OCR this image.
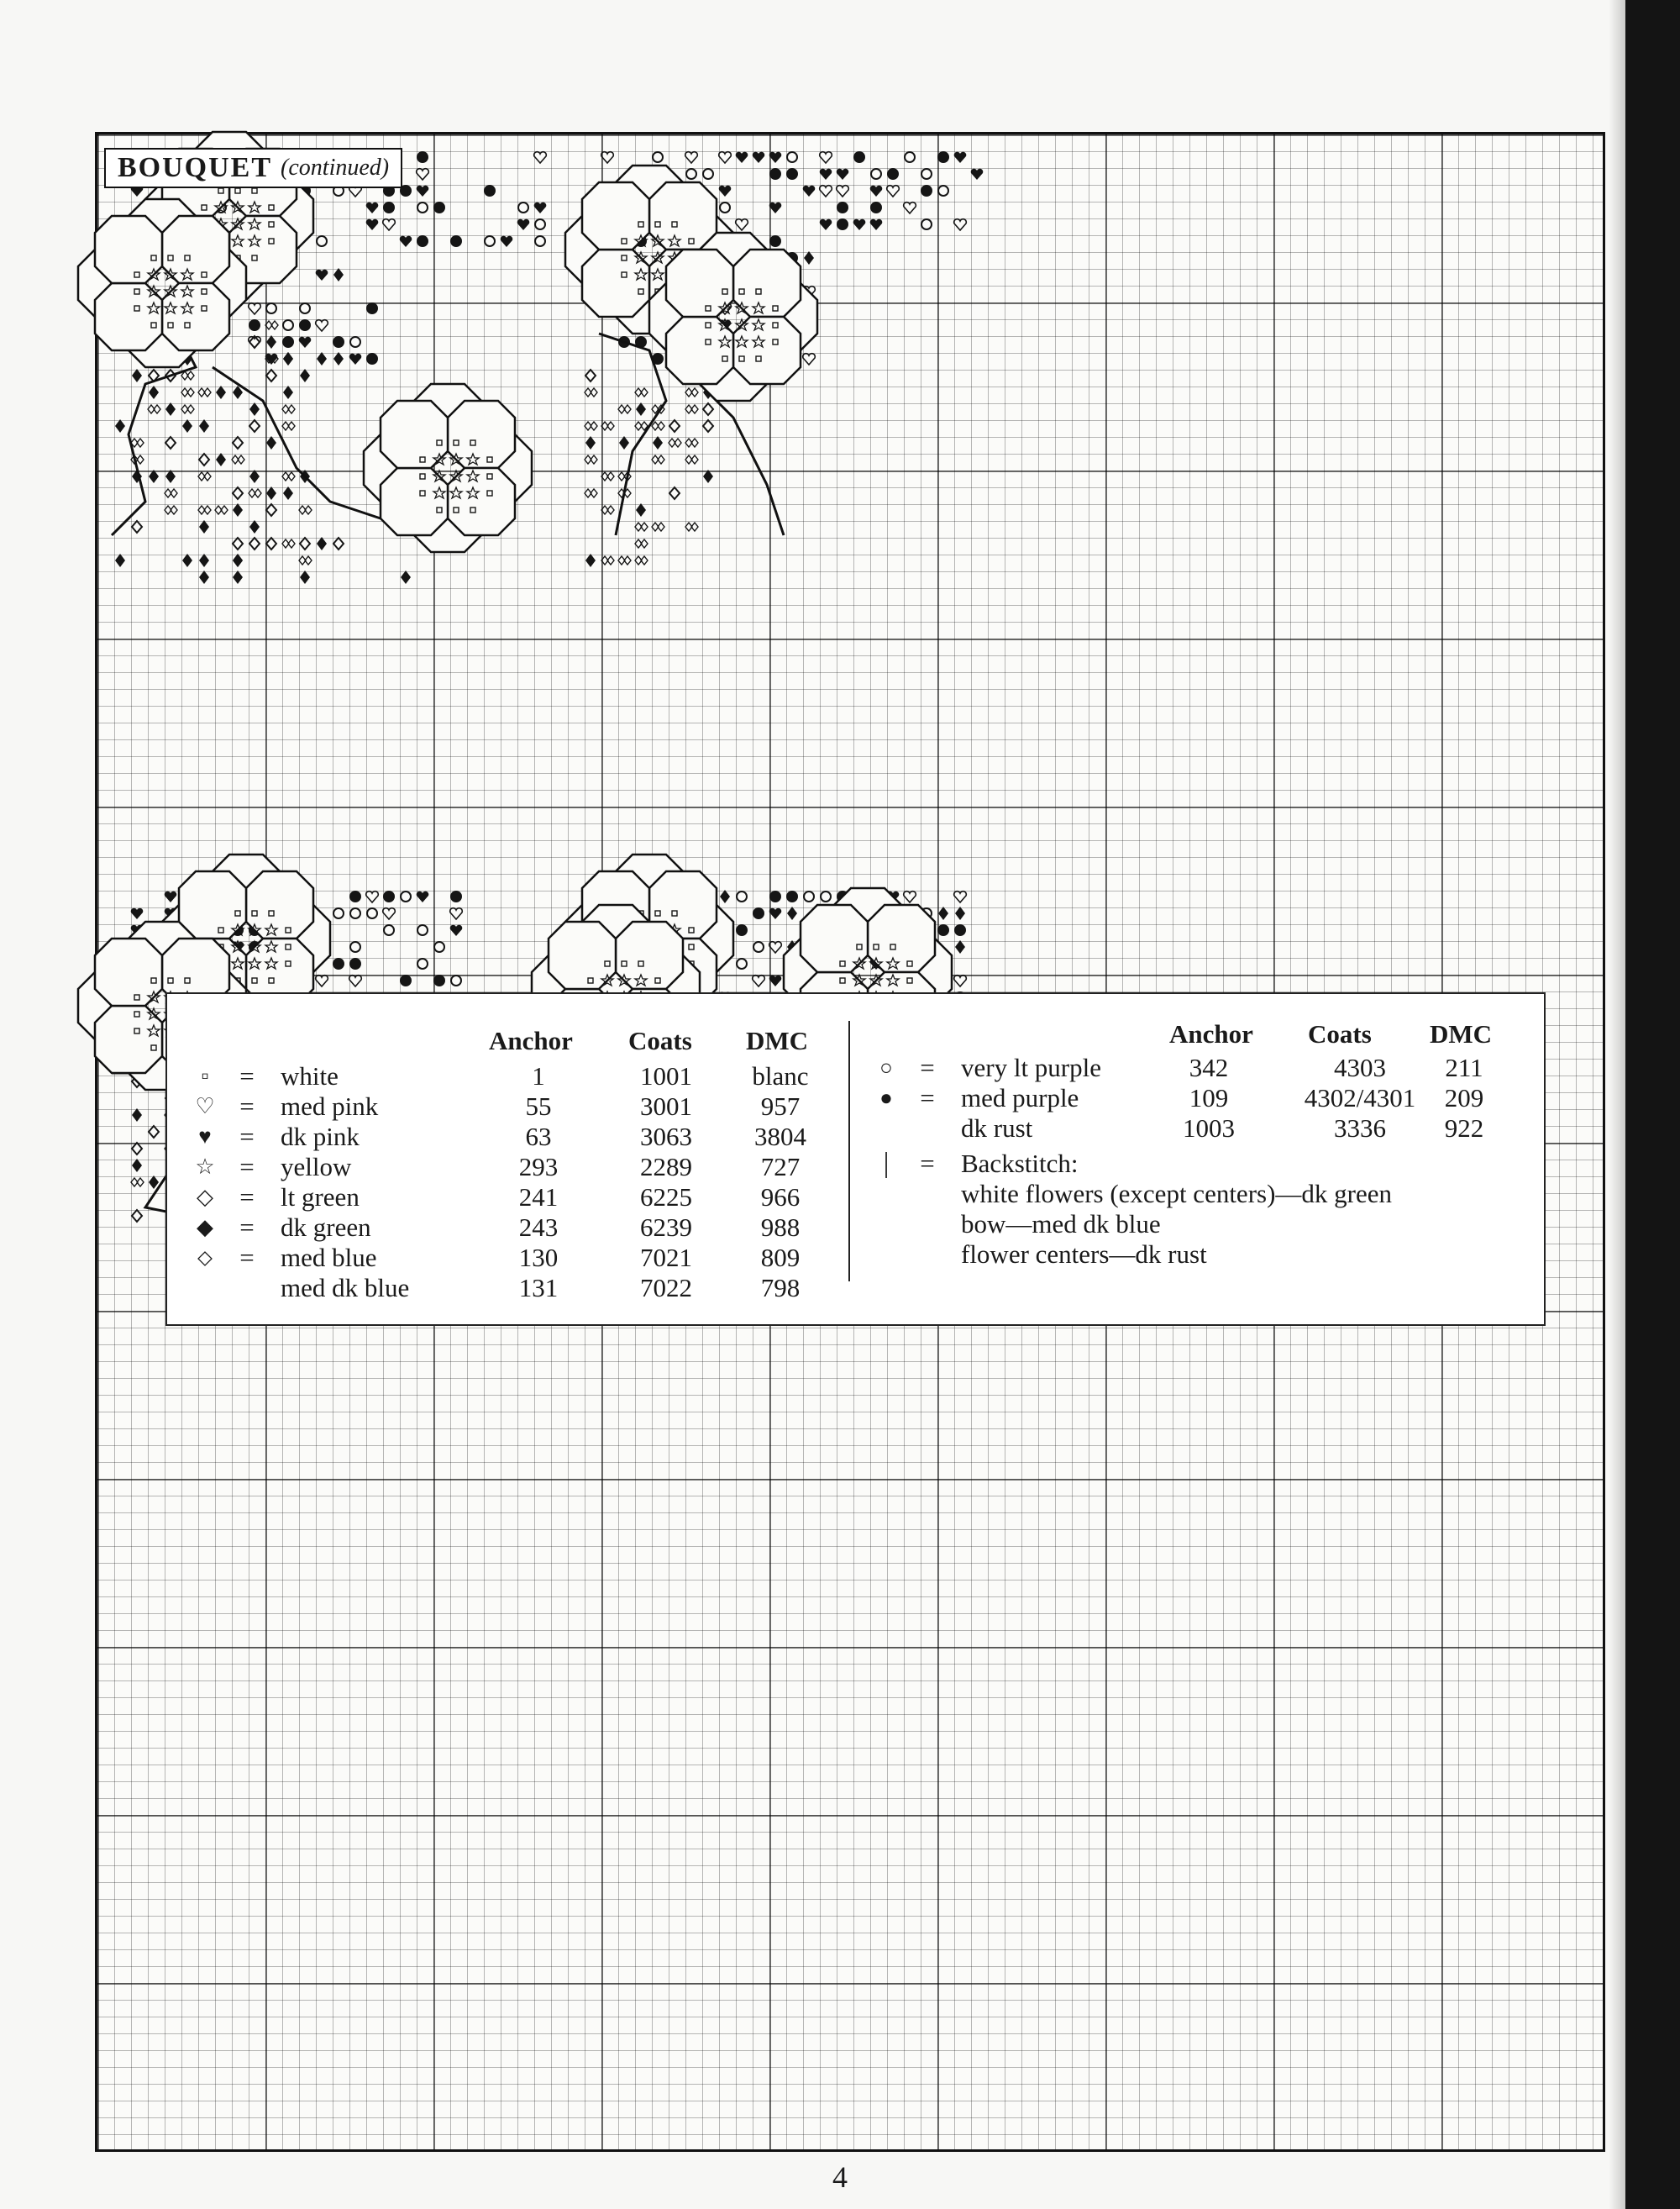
BOUQUET (continued)
Anchor Coats DMC	Anchor Coats DMC
▫	= white	1	1001	blanc
♡ = med pink	55	3001	957
♥	= dk pink	63	3063	3804
☆ = yellow	293	2289	727
◇ = lt green	241	6225	966
◆ = dk green	243	6239	988
⬦ = med blue	130	7021	809
med dk blue	131	7022	798
○	= very lt purple	342	4303	211
●	= med purple	109	4302/4301	209
dk rust	1003	3336	922
|	= Backstitch:
white flowers (except centers)—dk green
bow—med dk blue
flower centers—dk rust
4
